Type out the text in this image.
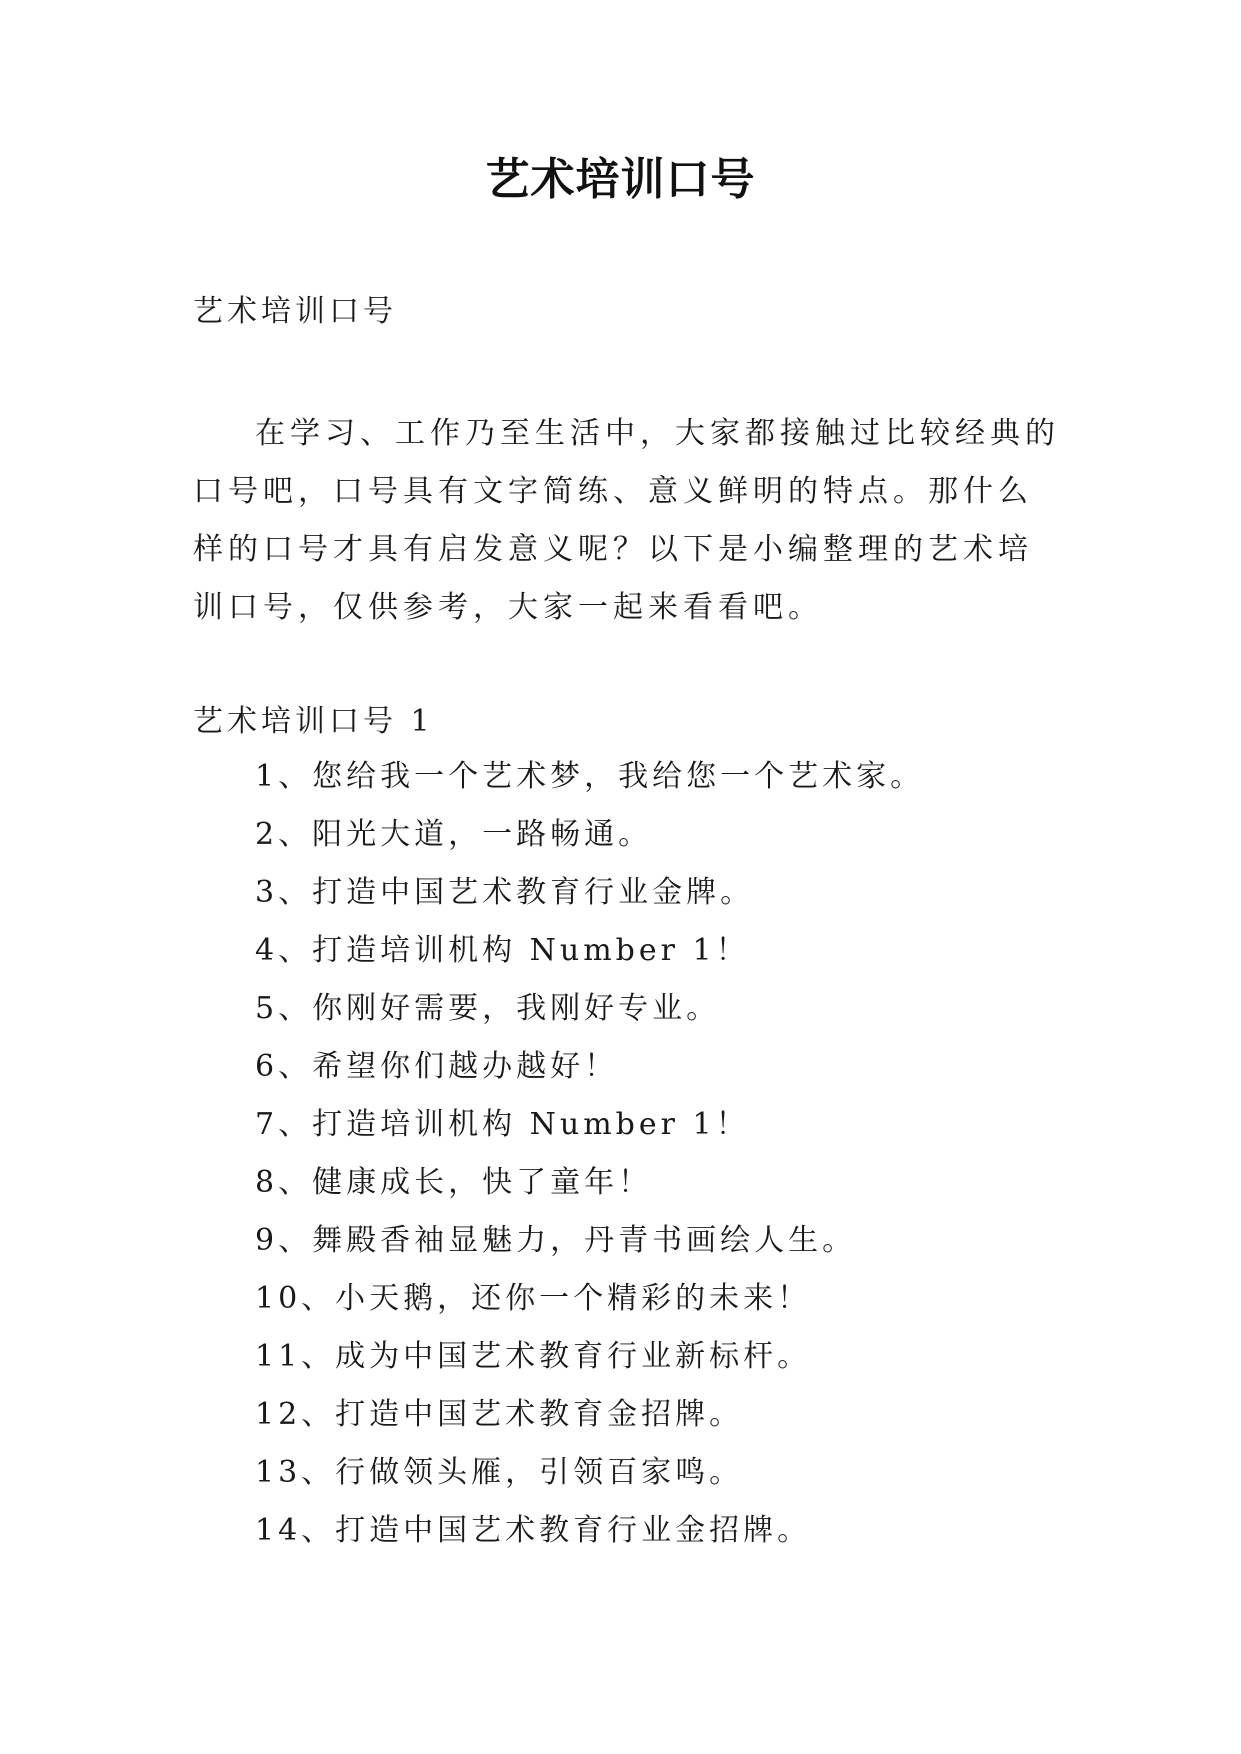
艺术培训口号
艺术培训口号

在学习、工作乃至生活中，大家都接触过比较经典的口号吧，口号具有文字简练、意义鲜明的特点。那什么样的口号才具有启发意义呢？以下是小编整理的艺术培训口号，仅供参考，大家一起来看看吧。

艺术培训口号 1
1、您给我一个艺术梦，我给您一个艺术家。
2、阳光大道，一路畅通。
3、打造中国艺术教育行业金牌。
4、打造培训机构 Number 1！
5、你刚好需要，我刚好专业。
6、希望你们越办越好！
7、打造培训机构 Number 1！
8、健康成长，快了童年！
9、舞殿香袖显魅力，丹青书画绘人生。
10、小天鹅，还你一个精彩的未来！
11、成为中国艺术教育行业新标杆。
12、打造中国艺术教育金招牌。
13、行做领头雁，引领百家鸣。
14、打造中国艺术教育行业金招牌。
